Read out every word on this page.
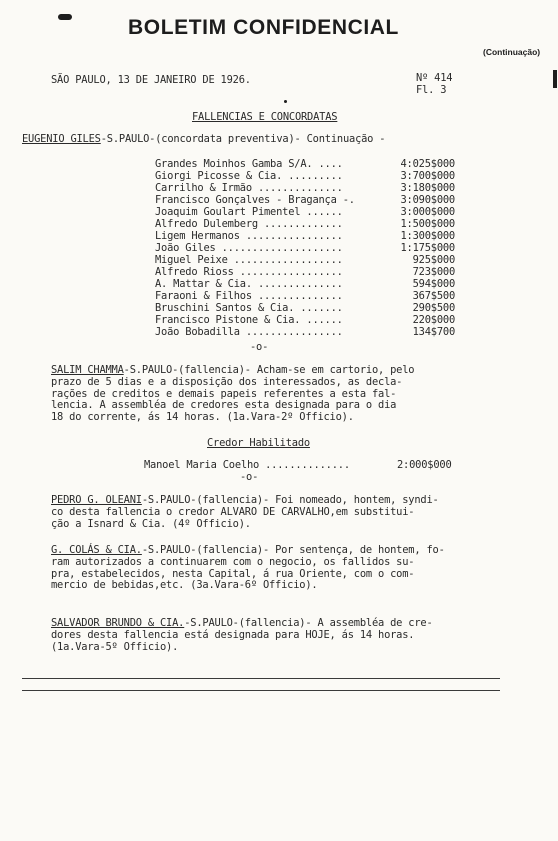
BOLETIM CONFIDENCIAL
(Continuação)
SÃO PAULO, 13 DE JANEIRO DE 1926.	Nº 414
Fl. 3
FALLENCIAS E CONCORDATAS
EUGENIO GILES-S.PAULO-(concordata preventiva)- Continuação -
Grandes Moinhos Gamba S/A. ....	4:025$000
Giorgi Picosse & Cia. .........	3:700$000
Carrilho & Irmão ..............	3:180$000
Francisco Gonçalves - Bragança -.	3:090$000
Joaquim Goulart Pimentel ......	3:000$000
Alfredo Dulemberg .............	1:500$000
Ligem Hermanos ................	1:300$000
João Giles ....................	1:175$000
Miguel Peixe ..................	925$000
Alfredo Rioss .................	723$000
A. Mattar & Cia. ..............	594$000
Faraoni & Filhos ..............	367$500
Bruschini Santos & Cia. .......	290$500
Francisco Pistone & Cia. ......	220$000
João Bobadilla ................	134$700
-o-
SALIM CHAMMA-S.PAULO-(fallencia)- Acham-se em cartorio, pelo
prazo de 5 dias e a disposição dos interessados, as decla-
rações de creditos e demais papeis referentes a esta fal-
lencia. A assembléa de credores esta designada para o dia
18 do corrente, ás 14 horas. (1a.Vara-2º Officio).
Credor Habilitado
Manoel Maria Coelho ..............	2:000$000
-o-
PEDRO G. OLEANI-S.PAULO-(fallencia)- Foi nomeado, hontem, syndi-
co desta fallencia o credor ALVARO DE CARVALHO,em substitui-
ção a Isnard & Cia. (4º Officio).
G. COLÁS & CIA.-S.PAULO-(fallencia)- Por sentença, de hontem, fo-
ram autorizados a continuarem com o negocio, os fallidos su-
pra, estabelecidos, nesta Capital, á rua Oriente, com o com-
mercio de bebidas,etc. (3a.Vara-6º Officio).
SALVADOR BRUNDO & CIA.-S.PAULO-(fallencia)- A assembléa de cre-
dores desta fallencia está designada para HOJE, ás 14 horas.
(1a.Vara-5º Officio).
